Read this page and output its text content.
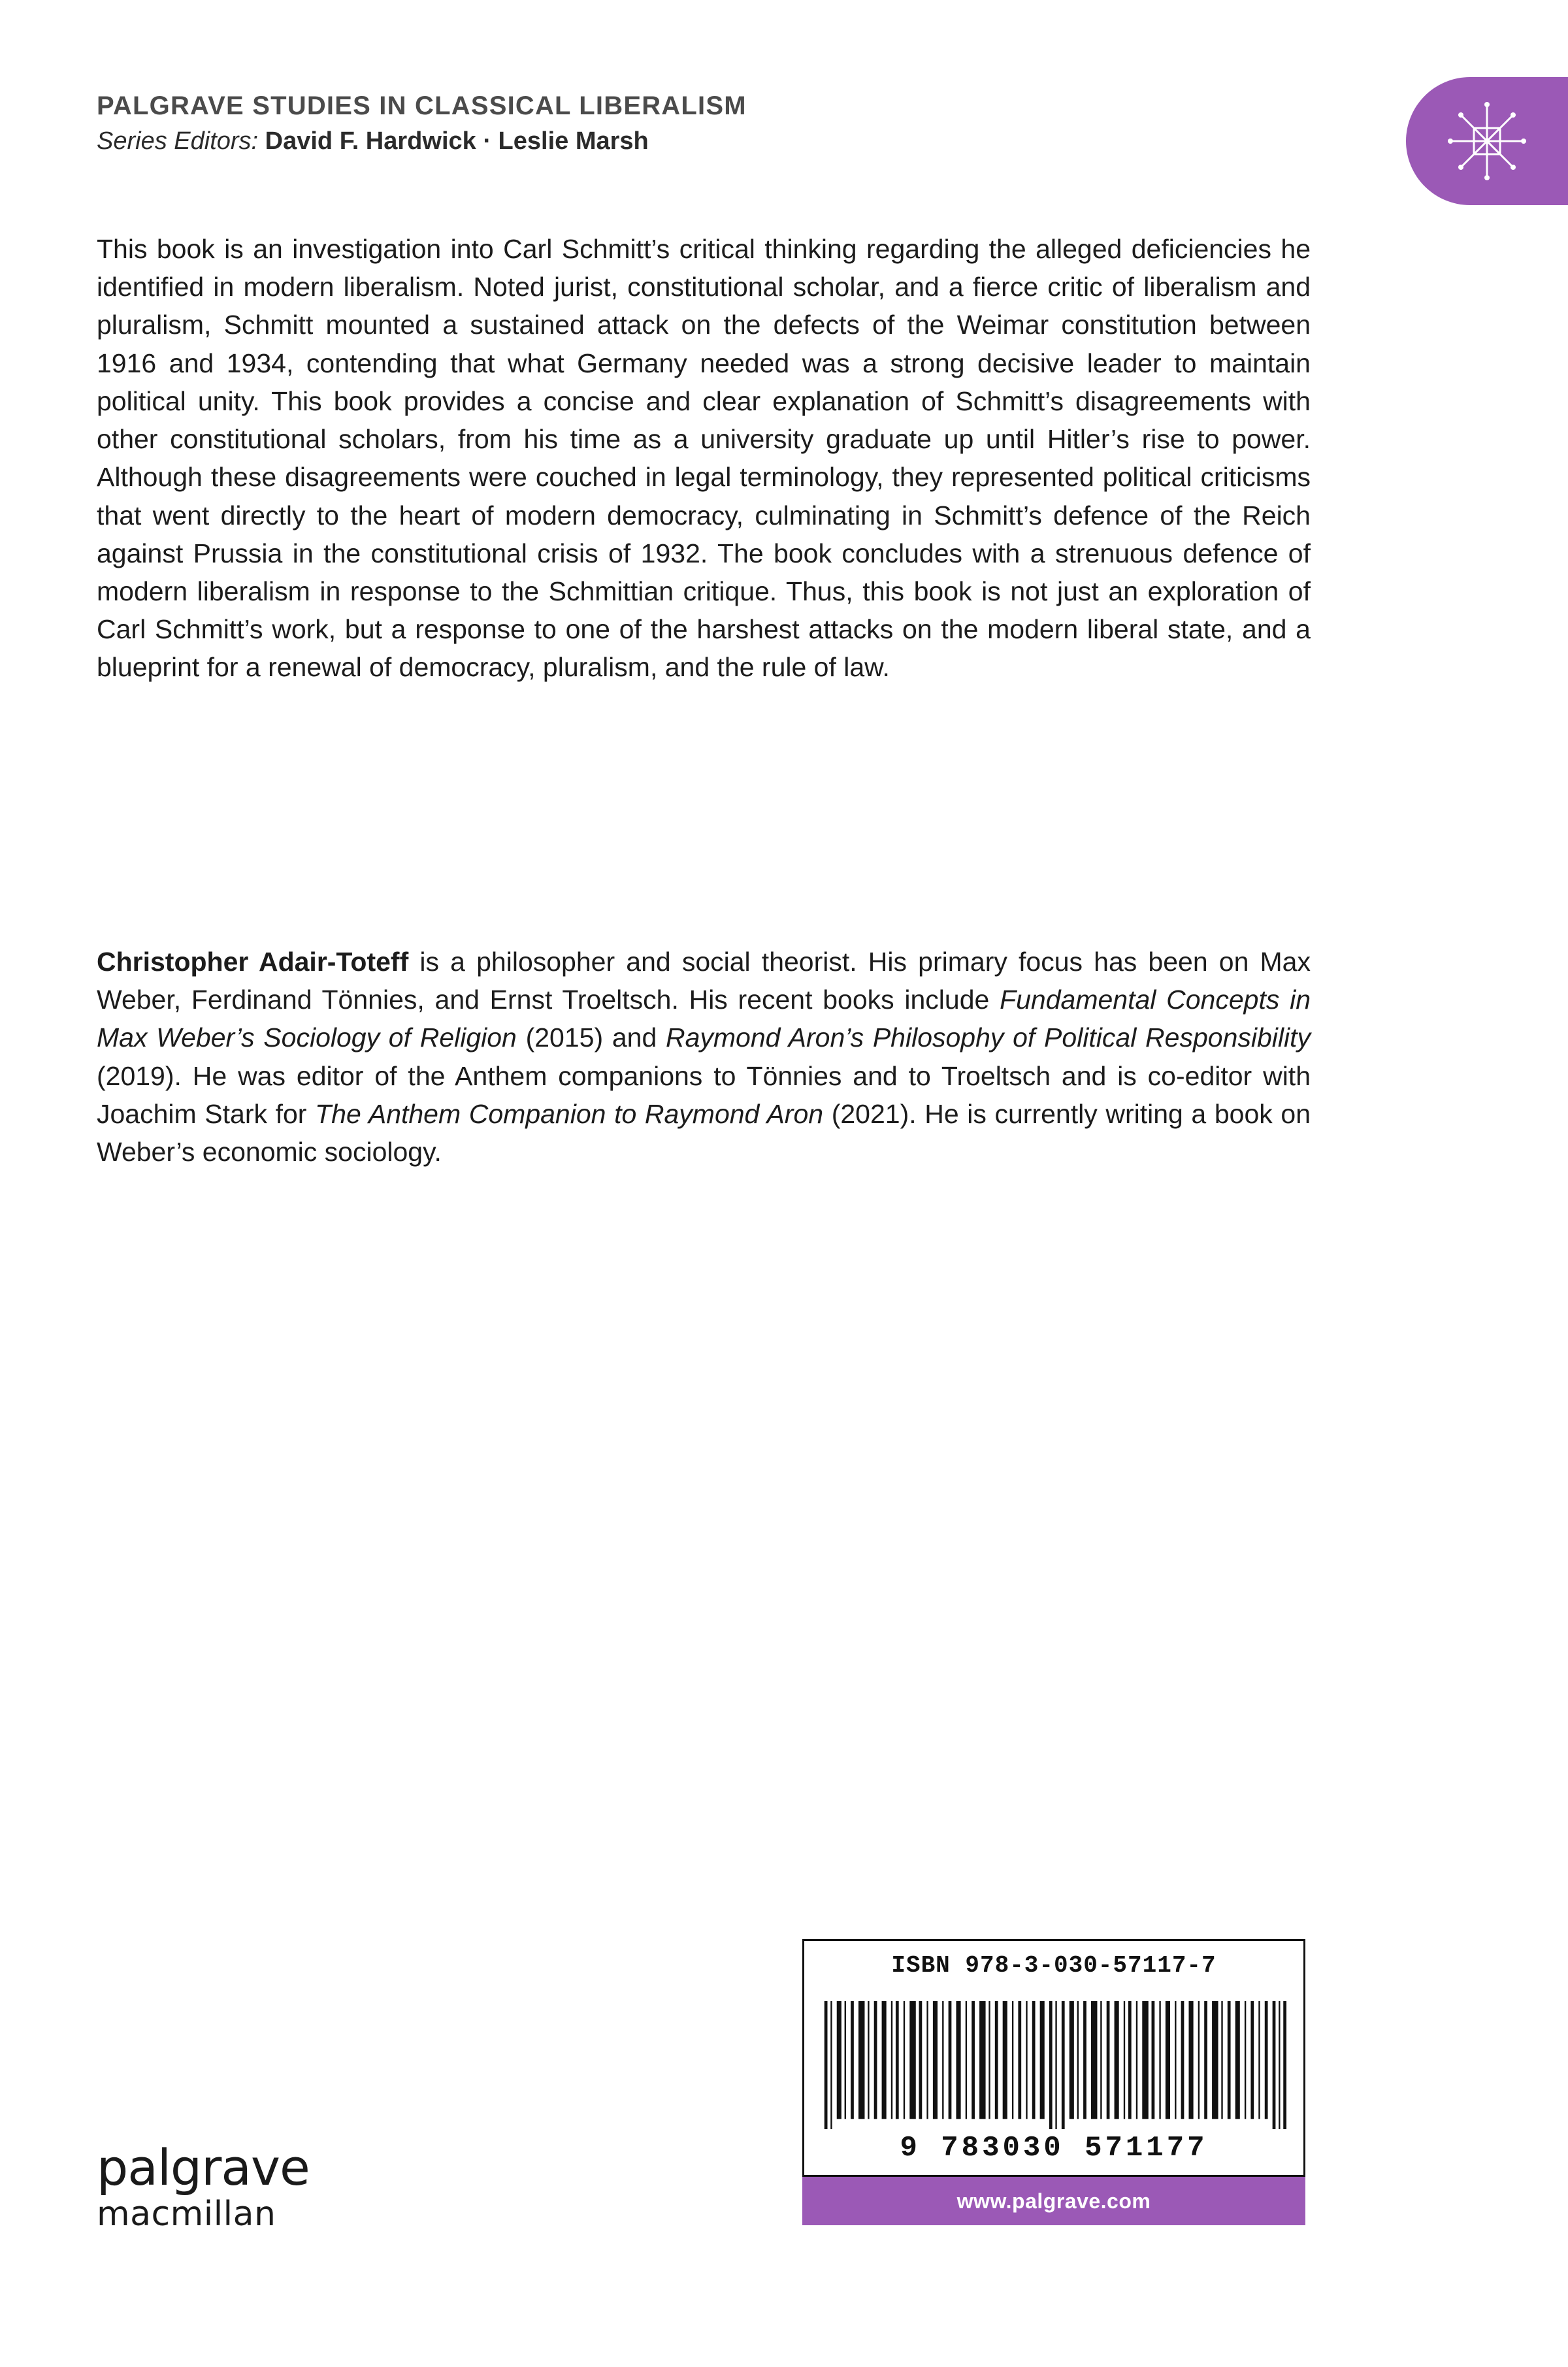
PALGRAVE STUDIES IN CLASSICAL LIBERALISM

Series Editors: David F. Hardwick · Leslie Marsh

This book is an investigation into Carl Schmitt’s critical thinking regarding the alleged deficiencies he identified in modern liberalism. Noted jurist, constitutional scholar, and a fierce critic of liberalism and pluralism, Schmitt mounted a sustained attack on the defects of the Weimar constitution between 1916 and 1934, contending that what Germany needed was a strong decisive leader to maintain political unity. This book provides a concise and clear explanation of Schmitt’s disagreements with other constitutional scholars, from his time as a university graduate up until Hitler’s rise to power. Although these disagreements were couched in legal terminology, they represented political criticisms that went directly to the heart of modern democracy, culminating in Schmitt’s defence of the Reich against Prussia in the constitutional crisis of 1932. The book concludes with a strenuous defence of modern liberalism in response to the Schmittian critique. Thus, this book is not just an exploration of Carl Schmitt’s work, but a response to one of the harshest attacks on the modern liberal state, and a blueprint for a renewal of democracy, pluralism, and the rule of law.
Christopher Adair-Toteff is a philosopher and social theorist. His primary focus has been on Max Weber, Ferdinand Tönnies, and Ernst Troeltsch. His recent books include Fundamental Concepts in Max Weber’s Sociology of Religion (2015) and Raymond Aron’s Philosophy of Political Responsibility (2019). He was editor of the Anthem companions to Tönnies and to Troeltsch and is co-editor with Joachim Stark for The Anthem Companion to Raymond Aron (2021). He is currently writing a book on Weber’s economic sociology.
ISBN 978-3-030-57117-7
9 783030 571177
www.palgrave.com
palgrave
macmillan
